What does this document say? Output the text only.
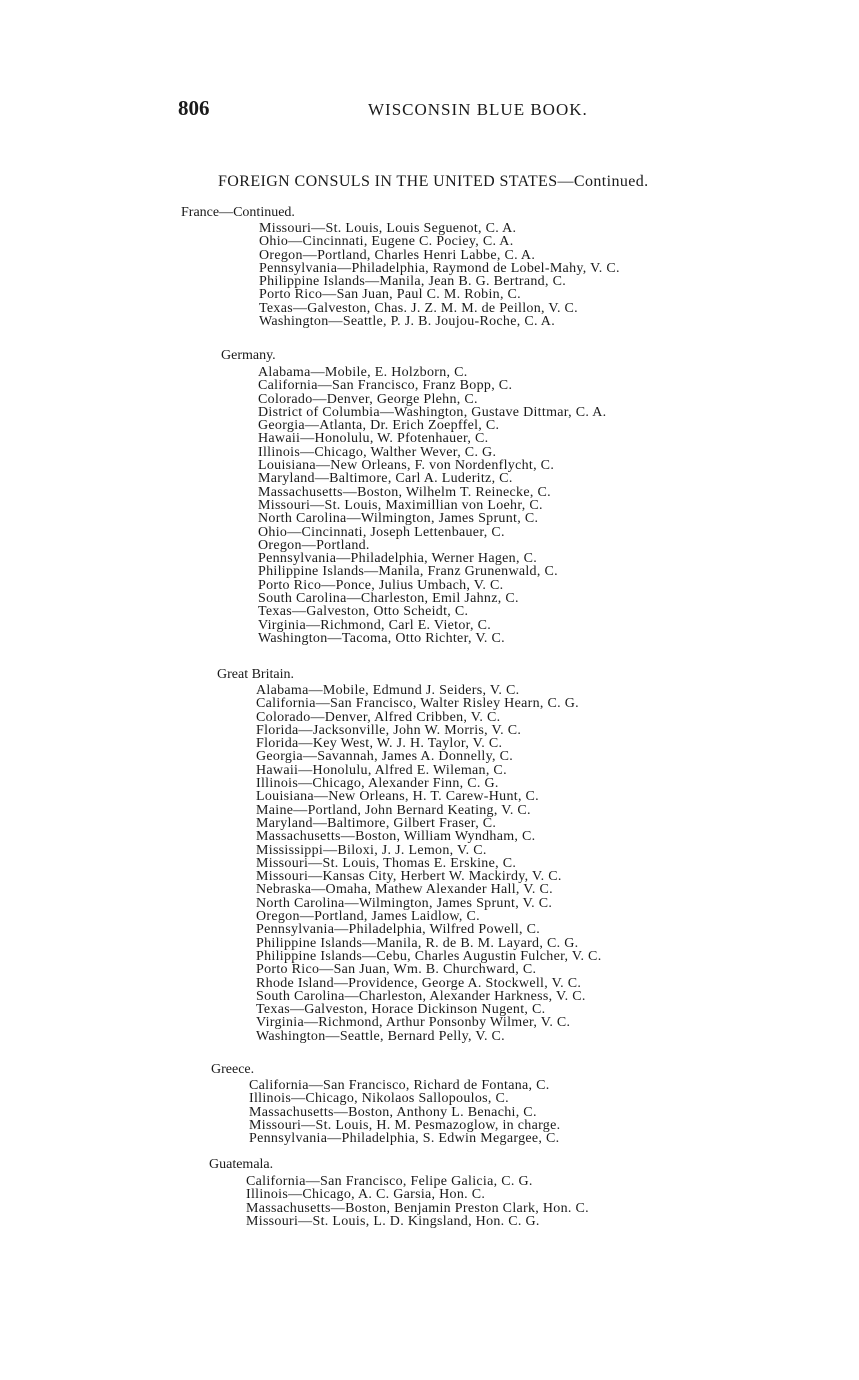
806	WISCONSIN BLUE BOOK.
FOREIGN CONSULS IN THE UNITED STATES—Continued.
France—Continued.
Missouri—St. Louis, Louis Seguenot, C. A.
Ohio—Cincinnati, Eugene C. Pociey, C. A.
Oregon—Portland, Charles Henri Labbe, C. A.
Pennsylvania—Philadelphia, Raymond de Lobel-Mahy, V. C.
Philippine Islands—Manila, Jean B. G. Bertrand, C.
Porto Rico—San Juan, Paul C. M. Robin, C.
Texas—Galveston, Chas. J. Z. M. M. de Peillon, V. C.
Washington—Seattle, P. J. B. Joujou-Roche, C. A.
Germany.
Alabama—Mobile, E. Holzborn, C.
California—San Francisco, Franz Bopp, C.
Colorado—Denver, George Plehn, C.
District of Columbia—Washington, Gustave Dittmar, C. A.
Georgia—Atlanta, Dr. Erich Zoepffel, C.
Hawaii—Honolulu, W. Pfotenhauer, C.
Illinois—Chicago, Walther Wever, C. G.
Louisiana—New Orleans, F. von Nordenflycht, C.
Maryland—Baltimore, Carl A. Luderitz, C.
Massachusetts—Boston, Wilhelm T. Reinecke, C.
Missouri—St. Louis, Maximillian von Loehr, C.
North Carolina—Wilmington, James Sprunt, C.
Ohio—Cincinnati, Joseph Lettenbauer, C.
Oregon—Portland.
Pennsylvania—Philadelphia, Werner Hagen, C.
Philippine Islands—Manila, Franz Grunenwald, C.
Porto Rico—Ponce, Julius Umbach, V. C.
South Carolina—Charleston, Emil Jahnz, C.
Texas—Galveston, Otto Scheidt, C.
Virginia—Richmond, Carl E. Vietor, C.
Washington—Tacoma, Otto Richter, V. C.
Great Britain.
Alabama—Mobile, Edmund J. Seiders, V. C.
California—San Francisco, Walter Risley Hearn, C. G.
Colorado—Denver, Alfred Cribben, V. C.
Florida—Jacksonville, John W. Morris, V. C.
Florida—Key West, W. J. H. Taylor, V. C.
Georgia—Savannah, James A. Donnelly, C.
Hawaii—Honolulu, Alfred E. Wileman, C.
Illinois—Chicago, Alexander Finn, C. G.
Louisiana—New Orleans, H. T. Carew-Hunt, C.
Maine—Portland, John Bernard Keating, V. C.
Maryland—Baltimore, Gilbert Fraser, C.
Massachusetts—Boston, William Wyndham, C.
Mississippi—Biloxi, J. J. Lemon, V. C.
Missouri—St. Louis, Thomas E. Erskine, C.
Missouri—Kansas City, Herbert W. Mackirdy, V. C.
Nebraska—Omaha, Mathew Alexander Hall, V. C.
North Carolina—Wilmington, James Sprunt, V. C.
Oregon—Portland, James Laidlow, C.
Pennsylvania—Philadelphia, Wilfred Powell, C.
Philippine Islands—Manila, R. de B. M. Layard, C. G.
Philippine Islands—Cebu, Charles Augustin Fulcher, V. C.
Porto Rico—San Juan, Wm. B. Churchward, C.
Rhode Island—Providence, George A. Stockwell, V. C.
South Carolina—Charleston, Alexander Harkness, V. C.
Texas—Galveston, Horace Dickinson Nugent, C.
Virginia—Richmond, Arthur Ponsonby Wilmer, V. C.
Washington—Seattle, Bernard Pelly, V. C.
Greece.
California—San Francisco, Richard de Fontana, C.
Illinois—Chicago, Nikolaos Sallopoulos, C.
Massachusetts—Boston, Anthony L. Benachi, C.
Missouri—St. Louis, H. M. Pesmazoglow, in charge.
Pennsylvania—Philadelphia, S. Edwin Megargee, C.
Guatemala.
California—San Francisco, Felipe Galicia, C. G.
Illinois—Chicago, A. C. Garsia, Hon. C.
Massachusetts—Boston, Benjamin Preston Clark, Hon. C.
Missouri—St. Louis, L. D. Kingsland, Hon. C. G.
